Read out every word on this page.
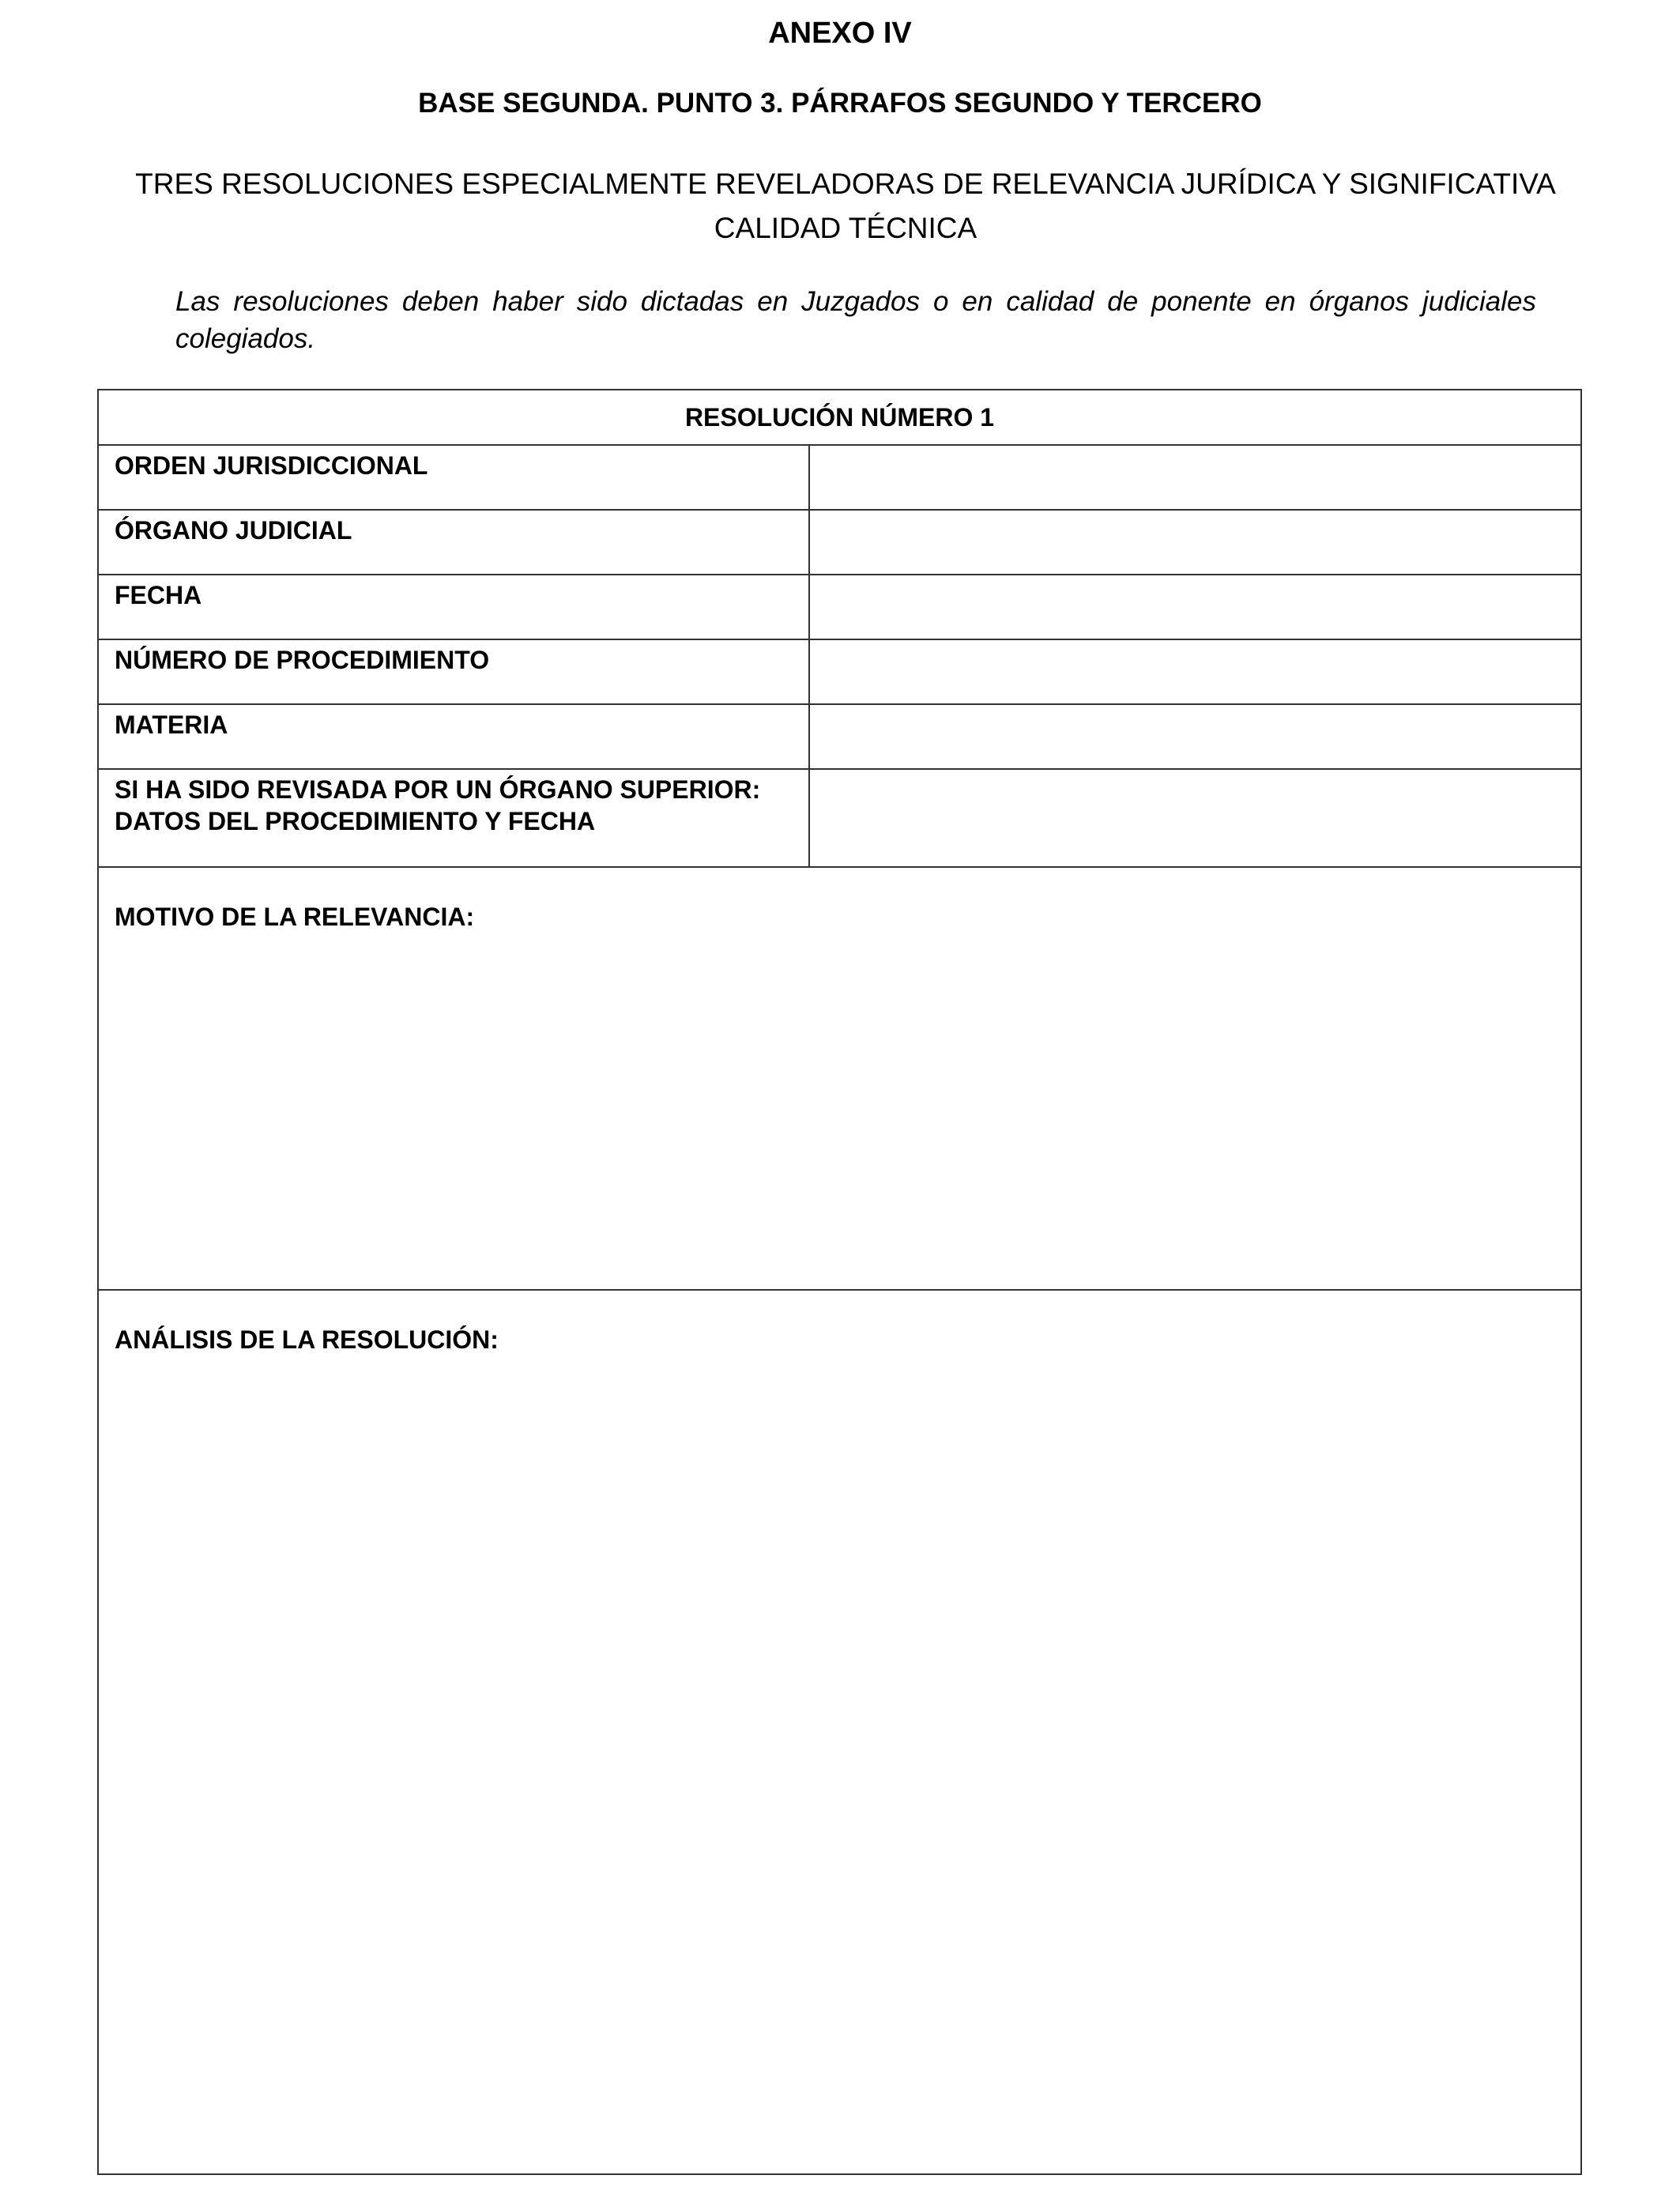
ANEXO IV
BASE SEGUNDA. PUNTO 3. PÁRRAFOS SEGUNDO Y TERCERO
TRES RESOLUCIONES ESPECIALMENTE REVELADORAS DE RELEVANCIA JURÍDICA Y SIGNIFICATIVA CALIDAD TÉCNICA
Las resoluciones deben haber sido dictadas en Juzgados o en calidad de ponente en órganos judiciales colegiados.
RESOLUCIÓN NÚMERO 1	

ORDEN JURISDICCIONAL	

ÓRGANO JUDICIAL	

FECHA	

NÚMERO DE PROCEDIMIENTO	

MATERIA	

SI HA SIDO REVISADA POR UN ÓRGANO SUPERIOR: DATOS DEL PROCEDIMIENTO Y FECHA	

MOTIVO DE LA RELEVANCIA:	

ANÁLISIS DE LA RESOLUCIÓN:	
